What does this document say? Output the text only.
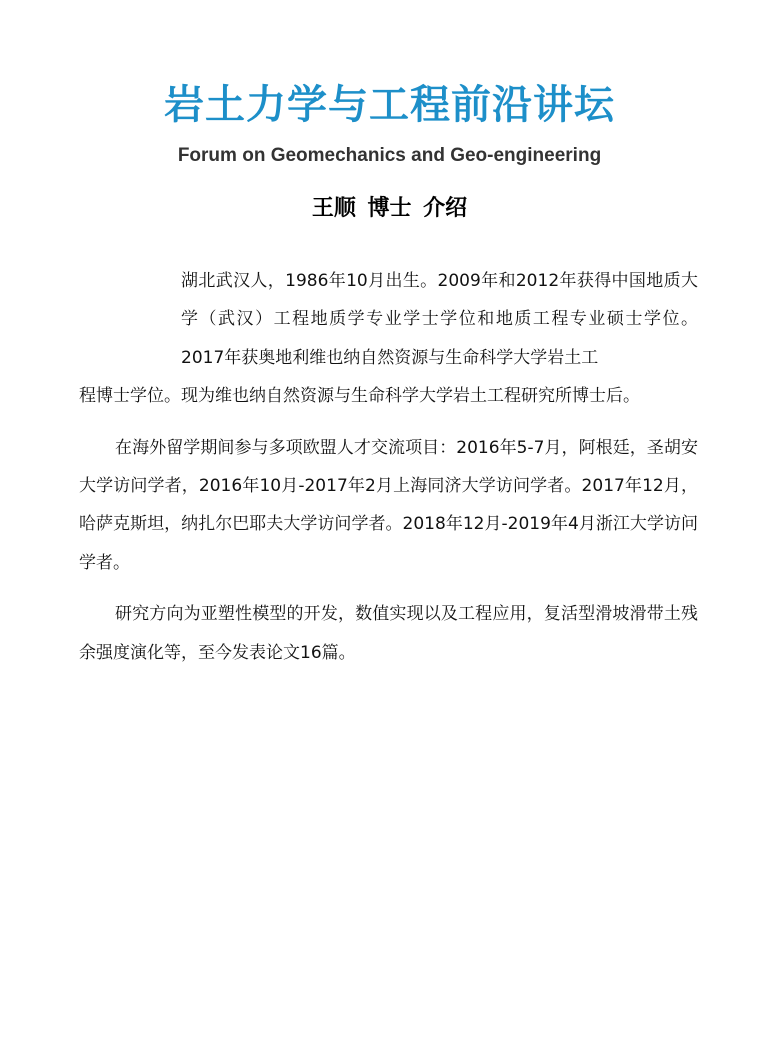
岩土力学与工程前沿讲坛
Forum on Geomechanics and Geo-engineering
王顺 博士 介绍

湖北武汉人，1986年10月出生。2009年和2012年获得中国地质大学（武汉）工程地质学专业学士学位和地质工程专业硕士学位。2017年获奥地利维也纳自然资源与生命科学大学岩土工
程博士学位。现为维也纳自然资源与生命科学大学岩土工程研究所博士后。

在海外留学期间参与多项欧盟人才交流项目：2016年5-7月，阿根廷，圣胡安大学访问学者，2016年10月-2017年2月上海同济大学访问学者。2017年12月，哈萨克斯坦，纳扎尔巴耶夫大学访问学者。2018年12月-2019年4月浙江大学访问学者。

研究方向为亚塑性模型的开发，数值实现以及工程应用，复活型滑坡滑带土残余强度演化等，至今发表论文16篇。
